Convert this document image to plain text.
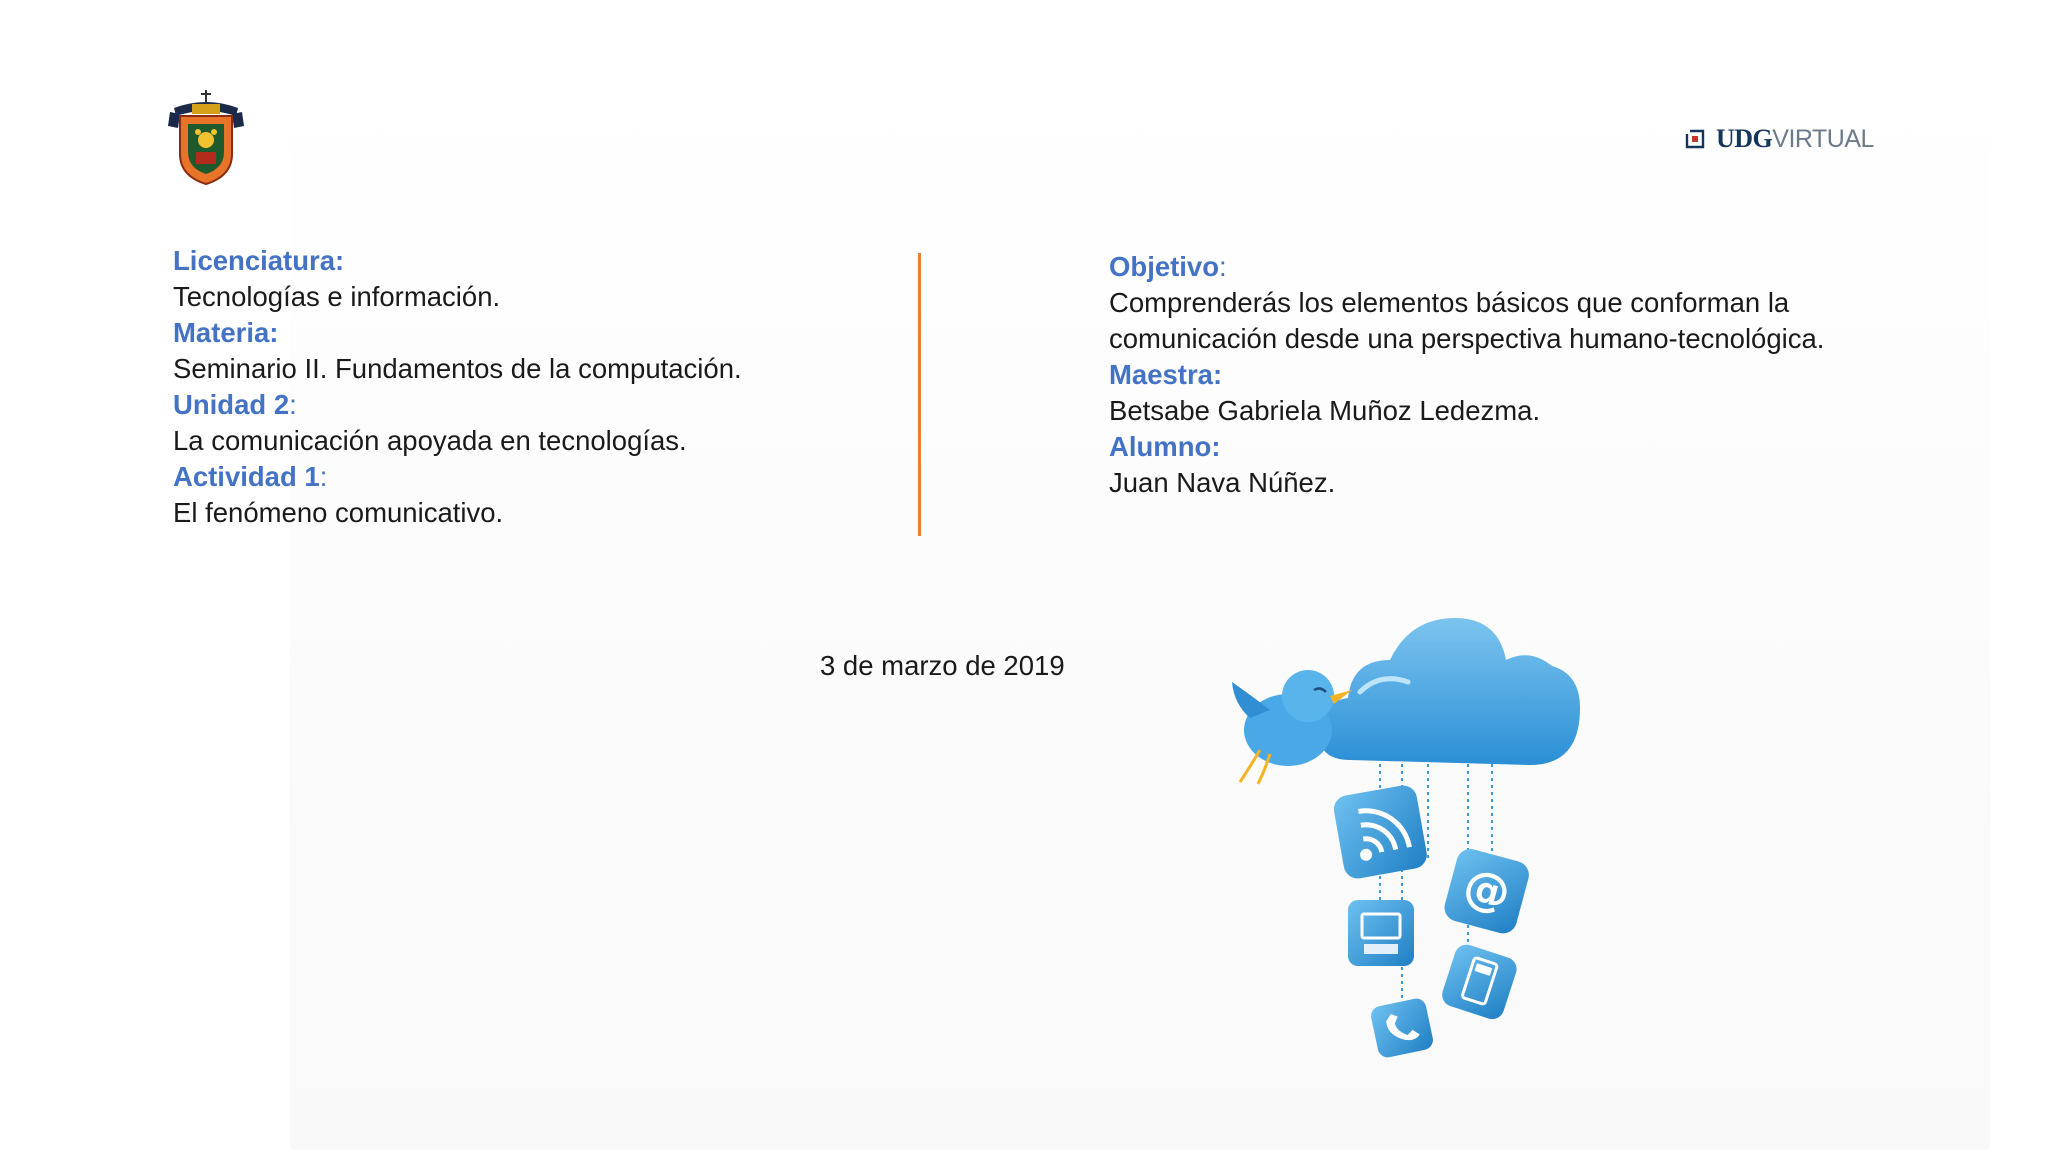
UDGVIRTUAL
Licenciatura:
Tecnologías e información.
Materia:
Seminario II. Fundamentos de la computación.
Unidad 2:
La comunicación apoyada en tecnologías.
Actividad 1:
El fenómeno comunicativo.
Objetivo:
Comprenderás los elementos básicos que conforman la
comunicación desde una perspectiva humano-tecnológica.
Maestra:
Betsabe Gabriela Muñoz Ledezma.
Alumno:
Juan Nava Núñez.
3 de marzo de 2019
@
